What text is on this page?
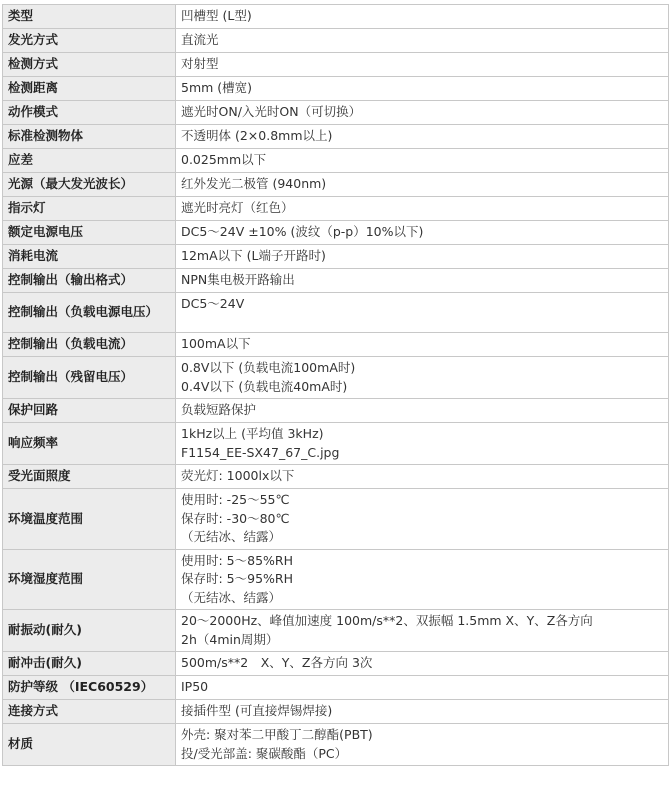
类型	凹槽型 (L型)

发光方式	直流光

检测方式	对射型

检测距离	5mm (槽宽)

动作模式	遮光时ON/入光时ON（可切换）

标准检测物体	不透明体 (2×0.8mm以上)

应差	0.025mm以下

光源（最大发光波长）	红外发光二极管 (940nm)

指示灯	遮光时亮灯（红色）

额定电源电压	DC5～24V ±10% (波纹（p-p）10%以下)

消耗电流	12mA以下 (L端子开路时)

控制输出（输出格式）	NPN集电极开路输出

控制输出（负载电源电压）	DC5～24V

控制输出（负载电流）	100mA以下

控制输出（残留电压）	0.8V以下 (负载电流100mA时)
0.4V以下 (负载电流40mA时)

保护回路	负载短路保护

响应频率	1kHz以上 (平均值 3kHz)
F1154_EE-SX47_67_C.jpg

受光面照度	荧光灯: 1000lx以下

环境温度范围	使用时: -25～55℃
保存时: -30～80℃
（无结冰、结露）

环境湿度范围	使用时: 5～85%RH
保存时: 5～95%RH
（无结冰、结露）

耐振动(耐久)	20～2000Hz、峰值加速度 100m/s**2、双振幅 1.5mm X、Y、Z各方向
2h（4min周期）

耐冲击(耐久)	500m/s**2　X、Y、Z各方向 3次

防护等级 （IEC60529）	IP50

连接方式	接插件型 (可直接焊锡焊接)

材质	外壳: 聚对苯二甲酸丁二醇酯(PBT)
投/受光部盖: 聚碳酸酯（PC）
